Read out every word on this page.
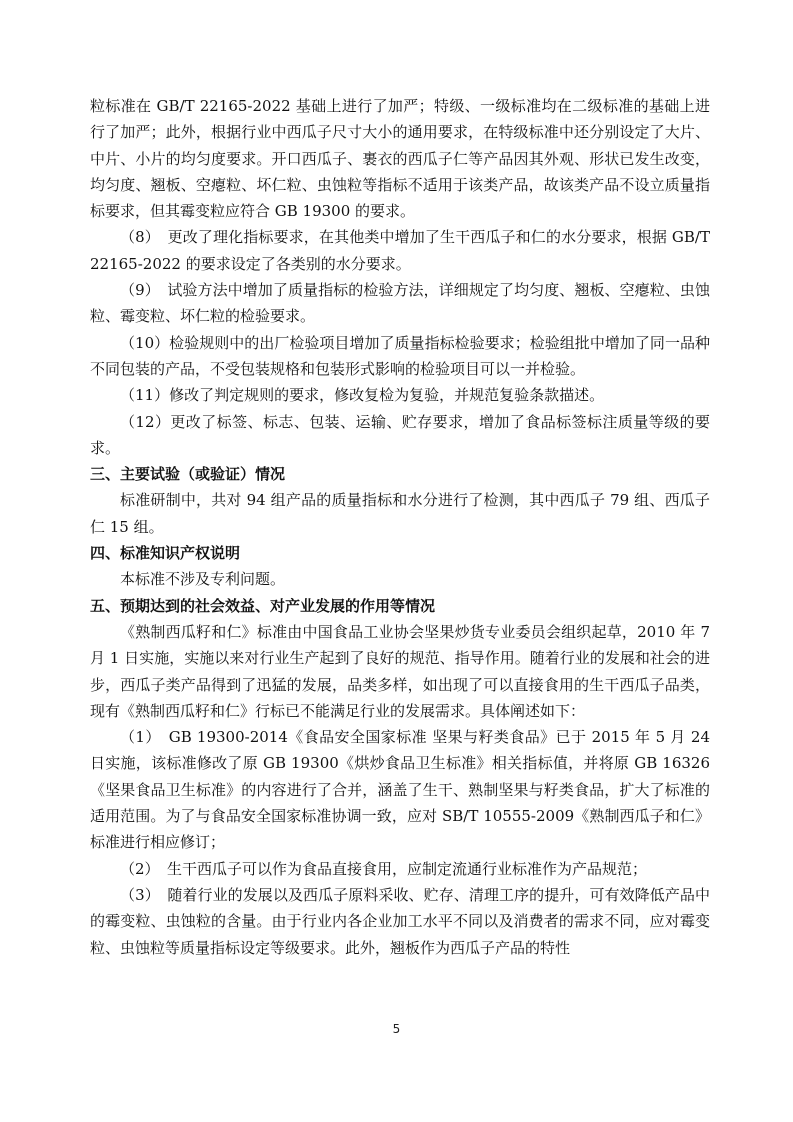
粒标准在 GB/T 22165-2022 基础上进行了加严；特级、一级标准均在二级标准的基础上进行了加严；此外，根据行业中西瓜子尺寸大小的通用要求，在特级标准中还分别设定了大片、中片、小片的均匀度要求。开口西瓜子、裹衣的西瓜子仁等产品因其外观、形状已发生改变，均匀度、翘板、空瘪粒、坏仁粒、虫蚀粒等指标不适用于该类产品，故该类产品不设立质量指标要求，但其霉变粒应符合 GB 19300 的要求。

（8）　更改了理化指标要求，在其他类中增加了生干西瓜子和仁的水分要求，根据 GB/T 22165-2022 的要求设定了各类别的水分要求。

（9）　试验方法中增加了质量指标的检验方法，详细规定了均匀度、翘板、空瘪粒、虫蚀粒、霉变粒、坏仁粒的检验要求。

（10）检验规则中的出厂检验项目增加了质量指标检验要求；检验组批中增加了同一品种不同包装的产品，不受包装规格和包装形式影响的检验项目可以一并检验。

（11）修改了判定规则的要求，修改复检为复验，并规范复验条款描述。

（12）更改了标签、标志、包装、运输、贮存要求，增加了食品标签标注质量等级的要求。

三、主要试验（或验证）情况

标准研制中，共对 94 组产品的质量指标和水分进行了检测，其中西瓜子 79 组、西瓜子仁 15 组。

四、标准知识产权说明

本标准不涉及专利问题。

五、预期达到的社会效益、对产业发展的作用等情况

《熟制西瓜籽和仁》标准由中国食品工业协会坚果炒货专业委员会组织起草，2010 年 7 月 1 日实施，实施以来对行业生产起到了良好的规范、指导作用。随着行业的发展和社会的进步，西瓜子类产品得到了迅猛的发展，品类多样，如出现了可以直接食用的生干西瓜子品类，现有《熟制西瓜籽和仁》行标已不能满足行业的发展需求。具体阐述如下：

（1）　GB 19300-2014《食品安全国家标准 坚果与籽类食品》已于 2015 年 5 月 24 日实施，该标准修改了原 GB 19300《烘炒食品卫生标准》相关指标值，并将原 GB 16326《坚果食品卫生标准》的内容进行了合并，涵盖了生干、熟制坚果与籽类食品，扩大了标准的适用范围。为了与食品安全国家标准协调一致，应对 SB/T 10555-2009《熟制西瓜子和仁》标准进行相应修订；

（2）　生干西瓜子可以作为食品直接食用，应制定流通行业标准作为产品规范；

（3）　随着行业的发展以及西瓜子原料采收、贮存、清理工序的提升，可有效降低产品中的霉变粒、虫蚀粒的含量。由于行业内各企业加工水平不同以及消费者的需求不同，应对霉变粒、虫蚀粒等质量指标设定等级要求。此外，翘板作为西瓜子产品的特性

5
